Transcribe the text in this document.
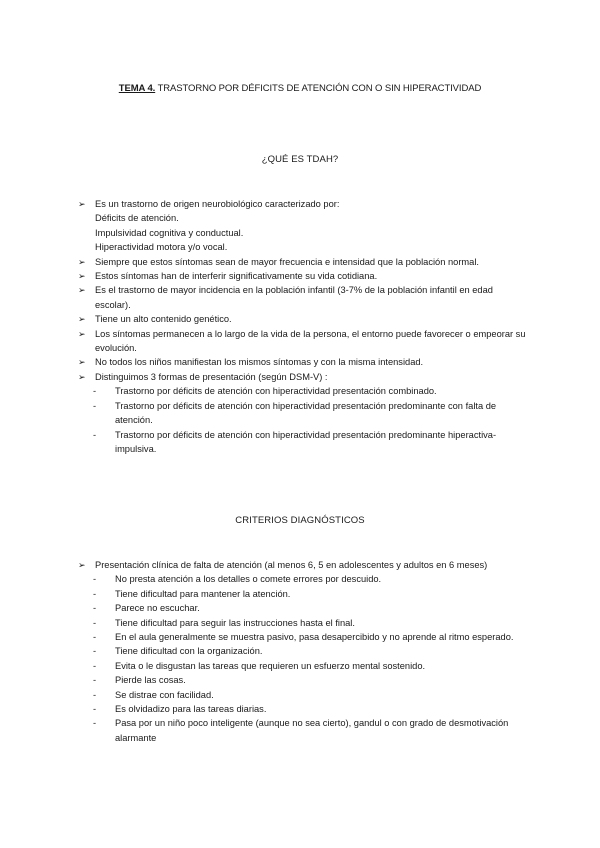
TEMA 4. TRASTORNO POR DÉFICITS DE ATENCIÓN CON O SIN HIPERACTIVIDAD
¿QUÉ ES TDAH?
➢ Es un trastorno de origen neurobiológico caracterizado por:
Déficits de atención.
Impulsividad cognitiva y conductual.
Hiperactividad motora y/o vocal.
➢ Siempre que estos síntomas sean de mayor frecuencia e intensidad que la población normal.
➢ Estos síntomas han de interferir significativamente su vida cotidiana.
➢ Es el trastorno de mayor incidencia en la población infantil (3-7% de la población infantil en edad escolar).
➢ Tiene un alto contenido genético.
➢ Los síntomas permanecen a lo largo de la vida de la persona, el entorno puede favorecer o empeorar su evolución.
➢ No todos los niños manifiestan los mismos síntomas y con la misma intensidad.
➢ Distinguimos 3 formas de presentación (según DSM-V) :
- Trastorno por déficits de atención con hiperactividad presentación combinado.
- Trastorno por déficits de atención con hiperactividad presentación predominante con falta de atención.
- Trastorno por déficits de atención con hiperactividad presentación predominante hiperactiva-impulsiva.
CRITERIOS DIAGNÓSTICOS
➢ Presentación clínica de falta de atención (al menos 6, 5 en adolescentes y adultos en 6 meses)
- No presta atención a los detalles o comete errores por descuido.
- Tiene dificultad para mantener la atención.
- Parece no escuchar.
- Tiene dificultad para seguir las instrucciones hasta el final.
- En el aula generalmente se muestra pasivo, pasa desapercibido y no aprende al ritmo esperado.
- Tiene dificultad con la organización.
- Evita o le disgustan las tareas que requieren un esfuerzo mental sostenido.
- Pierde las cosas.
- Se distrae con facilidad.
- Es olvidadizo para las tareas diarias.
- Pasa por un niño poco inteligente (aunque no sea cierto), gandul o con grado de desmotivación alarmante
